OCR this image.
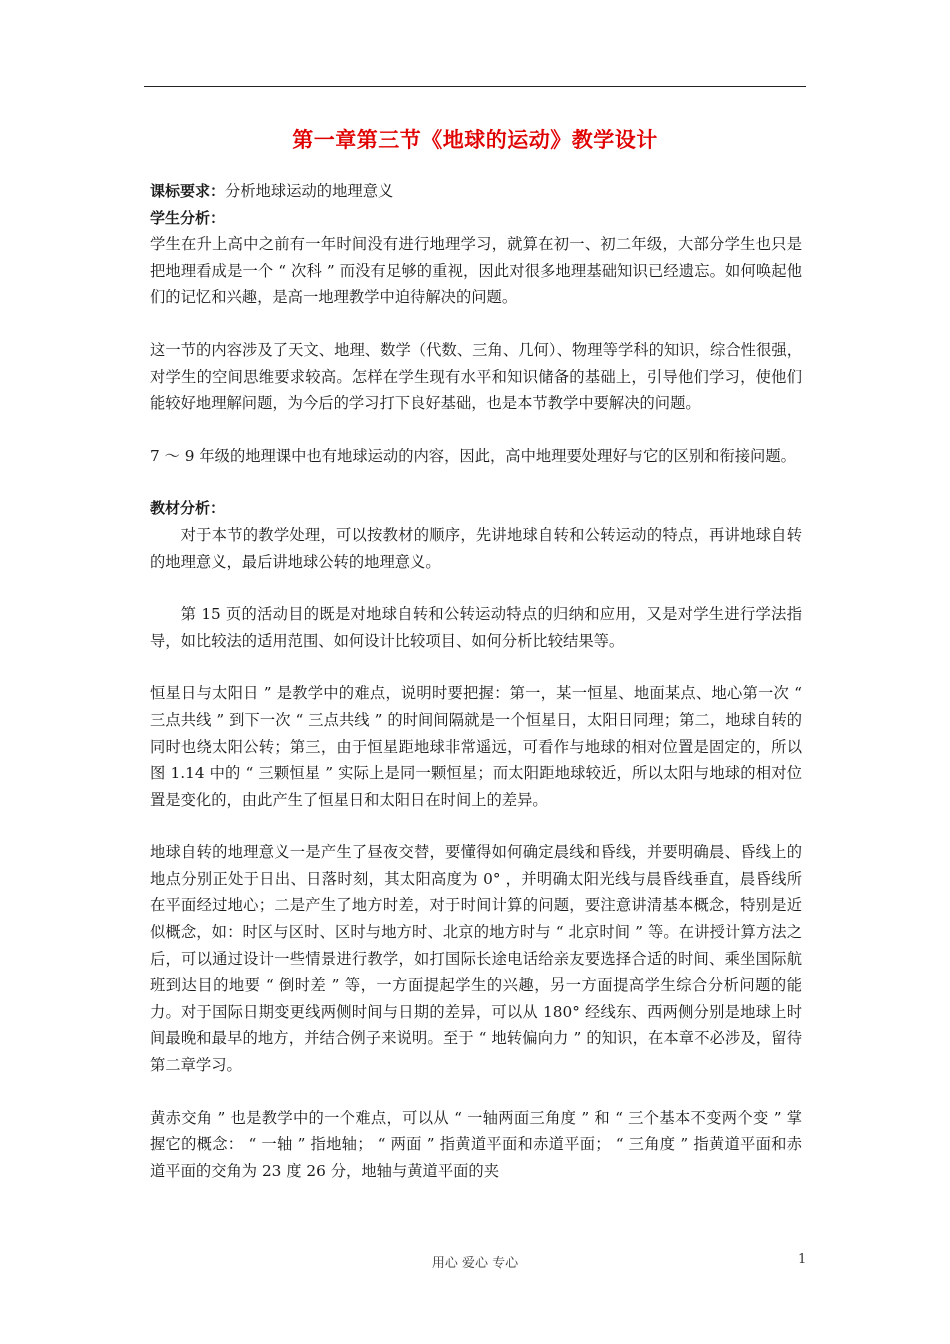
第一章第三节《地球的运动》教学设计

课标要求：分析地球运动的地理意义

学生分析：

学生在升上高中之前有一年时间没有进行地理学习，就算在初一、初二年级，大部分学生也只是把地理看成是一个 “ 次科 ” 而没有足够的重视，因此对很多地理基础知识已经遗忘。如何唤起他们的记忆和兴趣，是高一地理教学中迫待解决的问题。

这一节的内容涉及了天文、地理、数学（代数、三角、几何）、物理等学科的知识，综合性很强，对学生的空间思维要求较高。怎样在学生现有水平和知识储备的基础上，引导他们学习，使他们能较好地理解问题，为今后的学习打下良好基础，也是本节教学中要解决的问题。

7 ～ 9 年级的地理课中也有地球运动的内容，因此，高中地理要处理好与它的区别和衔接问题。

教材分析：

对于本节的教学处理，可以按教材的顺序，先讲地球自转和公转运动的特点，再讲地球自转的地理意义，最后讲地球公转的地理意义。

第 15 页的活动目的既是对地球自转和公转运动特点的归纳和应用，又是对学生进行学法指导，如比较法的适用范围、如何设计比较项目、如何分析比较结果等。

恒星日与太阳日 ” 是教学中的难点，说明时要把握：第一，某一恒星、地面某点、地心第一次 “ 三点共线 ” 到下一次 “ 三点共线 ” 的时间间隔就是一个恒星日，太阳日同理；第二，地球自转的同时也绕太阳公转；第三，由于恒星距地球非常遥远，可看作与地球的相对位置是固定的，所以图 1.14 中的 “ 三颗恒星 ” 实际上是同一颗恒星；而太阳距地球较近，所以太阳与地球的相对位置是变化的，由此产生了恒星日和太阳日在时间上的差异。

地球自转的地理意义一是产生了昼夜交替，要懂得如何确定晨线和昏线，并要明确晨、昏线上的地点分别正处于日出、日落时刻，其太阳高度为 0° ，并明确太阳光线与晨昏线垂直，晨昏线所在平面经过地心；二是产生了地方时差，对于时间计算的问题，要注意讲清基本概念，特别是近似概念，如：时区与区时、区时与地方时、北京的地方时与 “ 北京时间 ” 等。在讲授计算方法之后，可以通过设计一些情景进行教学，如打国际长途电话给亲友要选择合适的时间、乘坐国际航班到达目的地要 “ 倒时差 ” 等，一方面提起学生的兴趣，另一方面提高学生综合分析问题的能力。对于国际日期变更线两侧时间与日期的差异，可以从 180° 经线东、西两侧分别是地球上时间最晚和最早的地方，并结合例子来说明。至于 “ 地转偏向力 ” 的知识，在本章不必涉及，留待第二章学习。

黄赤交角 ” 也是教学中的一个难点，可以从 “ 一轴两面三角度 ” 和 “ 三个基本不变两个变 ” 掌握它的概念： “ 一轴 ” 指地轴； “ 两面 ” 指黄道平面和赤道平面； “ 三角度 ” 指黄道平面和赤道平面的交角为 23 度 26 分，地轴与黄道平面的夹

用心 爱心 专心	1
